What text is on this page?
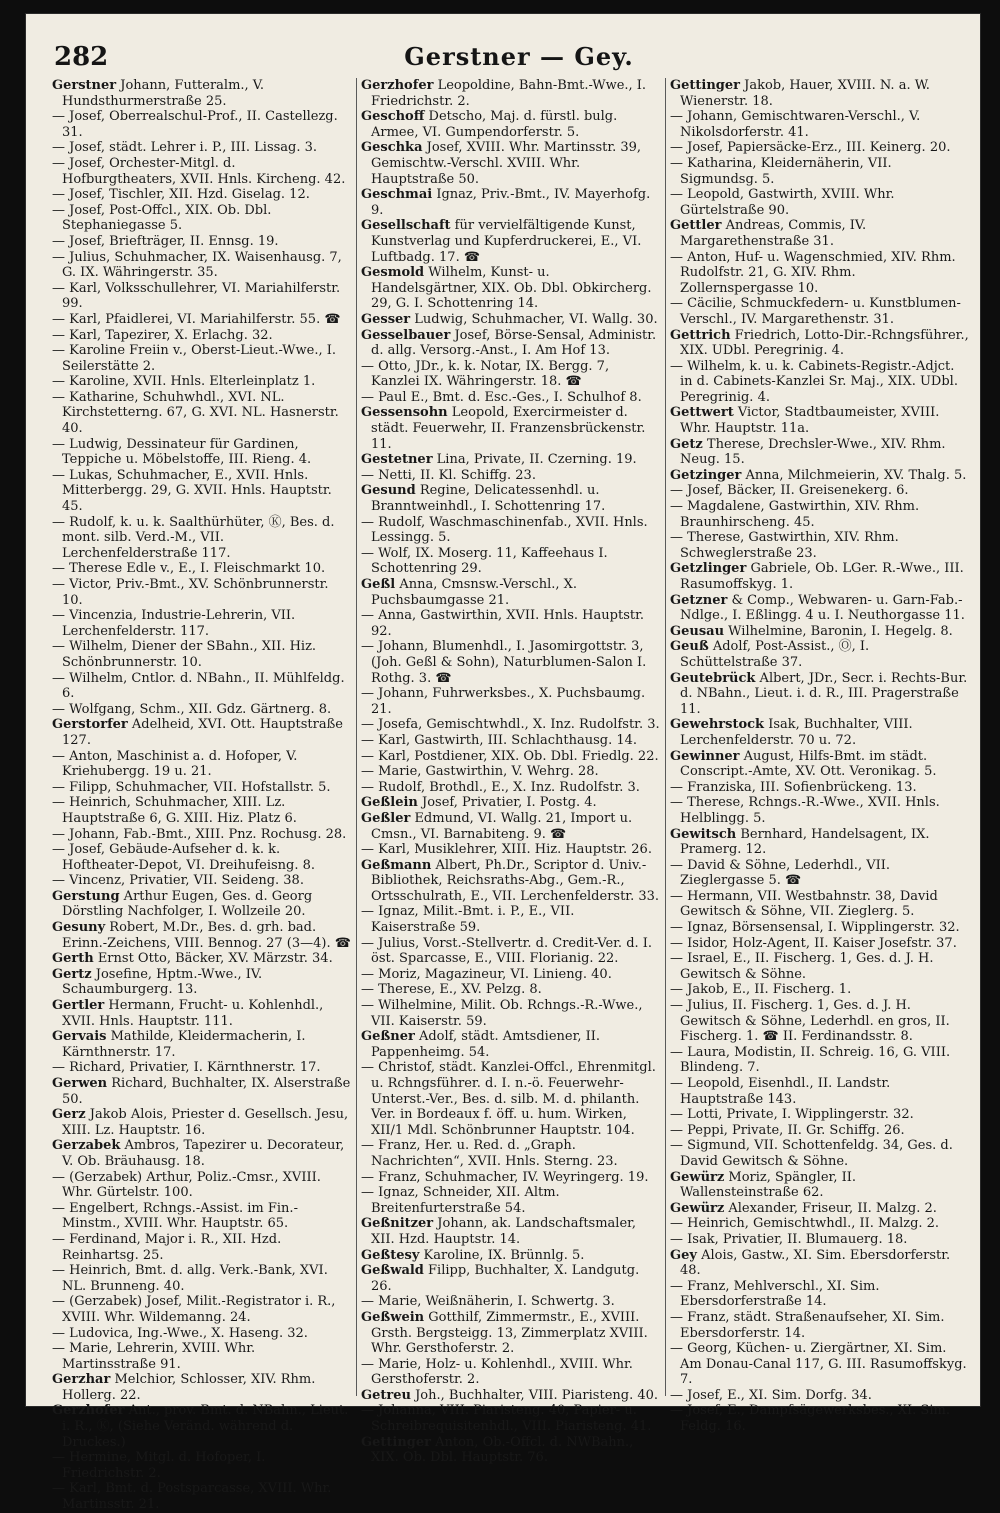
Gerstner — Gey.
282

Gerstner Johann, Futteralm., V. Hundsthurmerstraße 25.

— Josef, Oberrealschul-Prof., II. Castellezg. 31.

— Josef, städt. Lehrer i. P., III. Lissag. 3.

— Josef, Orchester-Mitgl. d. Hofburgtheaters, XVII. Hnls. Kircheng. 42.

— Josef, Tischler, XII. Hzd. Giselag. 12.

— Josef, Post-Offcl., XIX. Ob. Dbl. Stephaniegasse 5.

— Josef, Briefträger, II. Ennsg. 19.

— Julius, Schuhmacher, IX. Waisenhausg. 7, G. IX. Währingerstr. 35.

— Karl, Volksschullehrer, VI. Mariahilferstr. 99.

— Karl, Pfaidlerei, VI. Mariahilferstr. 55. ☎

— Karl, Tapezirer, X. Erlachg. 32.

— Karoline Freiin v., Oberst-Lieut.-Wwe., I. Seilerstätte 2.

— Karoline, XVII. Hnls. Elterleinplatz 1.

— Katharine, Schuhwhdl., XVI. NL. Kirchstetterng. 67, G. XVI. NL. Hasnerstr. 40.

— Ludwig, Dessinateur für Gardinen, Teppiche u. Möbelstoffe, III. Rieng. 4.

— Lukas, Schuhmacher, E., XVII. Hnls. Mitterbergg. 29, G. XVII. Hnls. Hauptstr. 45.

— Rudolf, k. u. k. Saalthürhüter, Ⓚ, Bes. d. mont. silb. Verd.-M., VII. Lerchenfelderstraße 117.

— Therese Edle v., E., I. Fleischmarkt 10.

— Victor, Priv.-Bmt., XV. Schönbrunnerstr. 10.

— Vincenzia, Industrie-Lehrerin, VII. Lerchenfelderstr. 117.

— Wilhelm, Diener der SBahn., XII. Hiz. Schönbrunnerstr. 10.

— Wilhelm, Cntlor. d. NBahn., II. Mühlfeldg. 6.

— Wolfgang, Schm., XII. Gdz. Gärtnerg. 8.

Gerstorfer Adelheid, XVI. Ott. Hauptstraße 127.

— Anton, Maschinist a. d. Hofoper, V. Kriehubergg. 19 u. 21.

— Filipp, Schuhmacher, VII. Hofstallstr. 5.

— Heinrich, Schuhmacher, XIII. Lz. Hauptstraße 6, G. XIII. Hiz. Platz 6.

— Johann, Fab.-Bmt., XIII. Pnz. Rochusg. 28.

— Josef, Gebäude-Aufseher d. k. k. Hoftheater-Depot, VI. Dreihufeisng. 8.

— Vincenz, Privatier, VII. Seideng. 38.

Gerstung Arthur Eugen, Ges. d. Georg Dörstling Nachfolger, I. Wollzeile 20.

Gesuny Robert, M.Dr., Bes. d. grh. bad. Erinn.-Zeichens, VIII. Bennog. 27 (3—4). ☎

Gerth Ernst Otto, Bäcker, XV. Märzstr. 34.

Gertz Josefine, Hptm.-Wwe., IV. Schaumburgerg. 13.

Gertler Hermann, Frucht- u. Kohlenhdl., XVII. Hnls. Hauptstr. 111.

Gervais Mathilde, Kleidermacherin, I. Kärnthnerstr. 17.

— Richard, Privatier, I. Kärnthnerstr. 17.

Gerwen Richard, Buchhalter, IX. Alserstraße 50.

Gerz Jakob Alois, Priester d. Gesellsch. Jesu, XIII. Lz. Hauptstr. 16.

Gerzabek Ambros, Tapezirer u. Decorateur, V. Ob. Bräuhausg. 18.

— (Gerzabek) Arthur, Poliz.-Cmsr., XVIII. Whr. Gürtelstr. 100.

— Engelbert, Rchngs.-Assist. im Fin.-Minstm., XVIII. Whr. Hauptstr. 65.

— Ferdinand, Major i. R., XII. Hzd. Reinhartsg. 25.

— Heinrich, Bmt. d. allg. Verk.-Bank, XVI. NL. Brunneng. 40.

— (Gerzabek) Josef, Milit.-Registrator i. R., XVIII. Whr. Wildemanng. 24.

— Ludovica, Ing.-Wwe., X. Haseng. 32.

— Marie, Lehrerin, XVIII. Whr. Martinsstraße 91.

Gerzhar Melchior, Schlosser, XIV. Rhm. Hollerg. 22.

Gerzhofer Ant., prov. Bmt. d. NBahn., Lieut. i. R., Ⓚ, (Siehe Veränd. während d. Druckes.)

— Hermine, Mitgl. d. Hofoper, I. Friedrichstr. 2.

— Karl, Bmt. d. Postsparcasse, XVIII. Whr. Martinsstr. 21.

Gerzhofer Leopoldine, Bahn-Bmt.-Wwe., I. Friedrichstr. 2.

Geschoff Detscho, Maj. d. fürstl. bulg. Armee, VI. Gumpendorferstr. 5.

Geschka Josef, XVIII. Whr. Martinsstr. 39, Gemischtw.-Verschl. XVIII. Whr. Hauptstraße 50.

Geschmai Ignaz, Priv.-Bmt., IV. Mayerhofg. 9.

Gesellschaft für vervielfältigende Kunst, Kunstverlag und Kupferdruckerei, E., VI. Luftbadg. 17. ☎

Gesmold Wilhelm, Kunst- u. Handelsgärtner, XIX. Ob. Dbl. Obkircherg. 29, G. I. Schottenring 14.

Gesser Ludwig, Schuhmacher, VI. Wallg. 30.

Gesselbauer Josef, Börse-Sensal, Administr. d. allg. Versorg.-Anst., I. Am Hof 13.

— Otto, JDr., k. k. Notar, IX. Bergg. 7, Kanzlei IX. Währingerstr. 18. ☎

— Paul E., Bmt. d. Esc.-Ges., I. Schulhof 8.

Gessensohn Leopold, Exercirmeister d. städt. Feuerwehr, II. Franzensbrückenstr. 11.

Gestetner Lina, Private, II. Czerning. 19.

— Netti, II. Kl. Schiffg. 23.

Gesund Regine, Delicatessenhdl. u. Branntweinhdl., I. Schottenring 17.

— Rudolf, Waschmaschinenfab., XVII. Hnls. Lessingg. 5.

— Wolf, IX. Moserg. 11, Kaffeehaus I. Schottenring 29.

Geßl Anna, Cmsnsw.-Verschl., X. Puchsbaumgasse 21.

— Anna, Gastwirthin, XVII. Hnls. Hauptstr. 92.

— Johann, Blumenhdl., I. Jasomirgottstr. 3, (Joh. Geßl & Sohn), Naturblumen-Salon I. Rothg. 3. ☎

— Johann, Fuhrwerksbes., X. Puchsbaumg. 21.

— Josefa, Gemischtwhdl., X. Inz. Rudolfstr. 3.

— Karl, Gastwirth, III. Schlachthausg. 14.

— Karl, Postdiener, XIX. Ob. Dbl. Friedlg. 22.

— Marie, Gastwirthin, V. Wehrg. 28.

— Rudolf, Brothdl., E., X. Inz. Rudolfstr. 3.

Geßlein Josef, Privatier, I. Postg. 4.

Geßler Edmund, VI. Wallg. 21, Import u. Cmsn., VI. Barnabiteng. 9. ☎

— Karl, Musiklehrer, XIII. Hiz. Hauptstr. 26.

Geßmann Albert, Ph.Dr., Scriptor d. Univ.-Bibliothek, Reichsraths-Abg., Gem.-R., Ortsschulrath, E., VII. Lerchenfelderstr. 33.

— Ignaz, Milit.-Bmt. i. P., E., VII. Kaiserstraße 59.

— Julius, Vorst.-Stellvertr. d. Credit-Ver. d. I. öst. Sparcasse, E., VIII. Florianig. 22.

— Moriz, Magazineur, VI. Linieng. 40.

— Therese, E., XV. Pelzg. 8.

— Wilhelmine, Milit. Ob. Rchngs.-R.-Wwe., VII. Kaiserstr. 59.

Geßner Adolf, städt. Amtsdiener, II. Pappenheimg. 54.

— Christof, städt. Kanzlei-Offcl., Ehrenmitgl. u. Rchngsführer. d. I. n.-ö. Feuerwehr-Unterst.-Ver., Bes. d. silb. M. d. philanth. Ver. in Bordeaux f. öff. u. hum. Wirken, XII/1 Mdl. Schönbrunner Hauptstr. 104.

— Franz, Her. u. Red. d. „Graph. Nachrichten“, XVII. Hnls. Sterng. 23.

— Franz, Schuhmacher, IV. Weyringerg. 19.

— Ignaz, Schneider, XII. Altm. Breitenfurterstraße 54.

Geßnitzer Johann, ak. Landschaftsmaler, XII. Hzd. Hauptstr. 14.

Geßtesy Karoline, IX. Brünnlg. 5.

Geßwald Filipp, Buchhalter, X. Landgutg. 26.

— Marie, Weißnäherin, I. Schwertg. 3.

Geßwein Gotthilf, Zimmermstr., E., XVIII. Grsth. Bergsteigg. 13, Zimmerplatz XVIII. Whr. Gersthoferstr. 2.

— Marie, Holz- u. Kohlenhdl., XVIII. Whr. Gersthoferstr. 2.

Getreu Joh., Buchhalter, VIII. Piaristeng. 40.

— Johanna, VIII. Piaristeng. 40, Papier- u. Schreibrequisitenhdl., VIII. Piaristeng. 41.

Gettinger Anton, Ob.-Offcl. d. NWBahn., XIX. Ob. Dbl. Hauptstr. 76.

Gettinger Jakob, Hauer, XVIII. N. a. W. Wienerstr. 18.

— Johann, Gemischtwaren-Verschl., V. Nikolsdorferstr. 41.

— Josef, Papiersäcke-Erz., III. Keinerg. 20.

— Katharina, Kleidernäherin, VII. Sigmundsg. 5.

— Leopold, Gastwirth, XVIII. Whr. Gürtelstraße 90.

Gettler Andreas, Commis, IV. Margarethenstraße 31.

— Anton, Huf- u. Wagenschmied, XIV. Rhm. Rudolfstr. 21, G. XIV. Rhm. Zollernspergasse 10.

— Cäcilie, Schmuckfedern- u. Kunstblumen-Verschl., IV. Margarethenstr. 31.

Gettrich Friedrich, Lotto-Dir.-Rchngsführer., XIX. UDbl. Peregrinig. 4.

— Wilhelm, k. u. k. Cabinets-Registr.-Adjct. in d. Cabinets-Kanzlei Sr. Maj., XIX. UDbl. Peregrinig. 4.

Gettwert Victor, Stadtbaumeister, XVIII. Whr. Hauptstr. 11a.

Getz Therese, Drechsler-Wwe., XIV. Rhm. Neug. 15.

Getzinger Anna, Milchmeierin, XV. Thalg. 5.

— Josef, Bäcker, II. Greisenekerg. 6.

— Magdalene, Gastwirthin, XIV. Rhm. Braunhirscheng. 45.

— Therese, Gastwirthin, XIV. Rhm. Schweglerstraße 23.

Getzlinger Gabriele, Ob. LGer. R.-Wwe., III. Rasumoffskyg. 1.

Getzner & Comp., Webwaren- u. Garn-Fab.-Ndlge., I. Eßlingg. 4 u. I. Neuthorgasse 11.

Geusau Wilhelmine, Baronin, I. Hegelg. 8.

Geuß Adolf, Post-Assist., Ⓞ, I. Schüttelstraße 37.

Geutebrück Albert, JDr., Secr. i. Rechts-Bur. d. NBahn., Lieut. i. d. R., III. Pragerstraße 11.

Gewehrstock Isak, Buchhalter, VIII. Lerchenfelderstr. 70 u. 72.

Gewinner August, Hilfs-Bmt. im städt. Conscript.-Amte, XV. Ott. Veronikag. 5.

— Franziska, III. Sofienbrückeng. 13.

— Therese, Rchngs.-R.-Wwe., XVII. Hnls. Helblingg. 5.

Gewitsch Bernhard, Handelsagent, IX. Pramerg. 12.

— David & Söhne, Lederhdl., VII. Zieglergasse 5. ☎

— Hermann, VII. Westbahnstr. 38, David Gewitsch & Söhne, VII. Zieglerg. 5.

— Ignaz, Börsensensal, I. Wipplingerstr. 32.

— Isidor, Holz-Agent, II. Kaiser Josefstr. 37.

— Israel, E., II. Fischerg. 1, Ges. d. J. H. Gewitsch & Söhne.

— Jakob, E., II. Fischerg. 1.

— Julius, II. Fischerg. 1, Ges. d. J. H. Gewitsch & Söhne, Lederhdl. en gros, II. Fischerg. 1. ☎ II. Ferdinandsstr. 8.

— Laura, Modistin, II. Schreig. 16, G. VIII. Blindeng. 7.

— Leopold, Eisenhdl., II. Landstr. Hauptstraße 143.

— Lotti, Private, I. Wipplingerstr. 32.

— Peppi, Private, II. Gr. Schiffg. 26.

— Sigmund, VII. Schottenfeldg. 34, Ges. d. David Gewitsch & Söhne.

Gewürz Moriz, Spängler, II. Wallensteinstraße 62.

Gewürz Alexander, Friseur, II. Malzg. 2.

— Heinrich, Gemischtwhdl., II. Malzg. 2.

— Isak, Privatier, II. Blumauerg. 18.

Gey Alois, Gastw., XI. Sim. Ebersdorferstr. 48.

— Franz, Mehlverschl., XI. Sim. Ebersdorferstraße 14.

— Franz, städt. Straßenaufseher, XI. Sim. Ebersdorferstr. 14.

— Georg, Küchen- u. Ziergärtner, XI. Sim. Am Donau-Canal 117, G. III. Rasumoffskyg. 7.

— Josef, E., XI. Sim. Dorfg. 34.

— Josef, E., Dampfsägewerksbes., XI. Sim. Feldg. 16.
